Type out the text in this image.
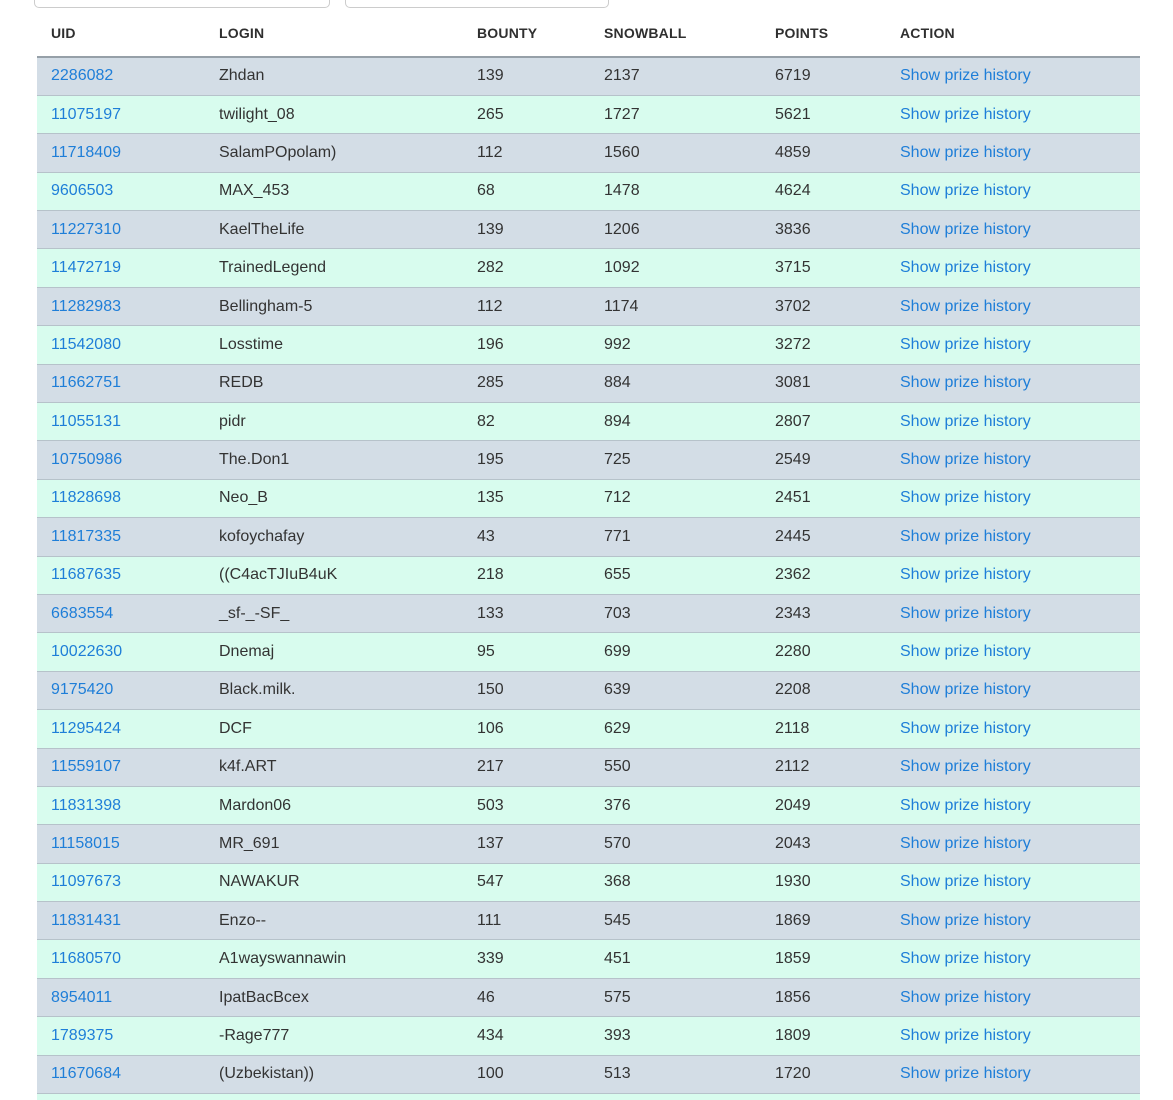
UID	LOGIN	BOUNTY	SNOWBALL	POINTS	ACTION
2286082	Zhdan	139	2137	6719	Show prize history
11075197	twilight_08	265	1727	5621	Show prize history
11718409	SalamPOpolam)	112	1560	4859	Show prize history
9606503	MAX_453	68	1478	4624	Show prize history
11227310	KaelTheLife	139	1206	3836	Show prize history
11472719	TrainedLegend	282	1092	3715	Show prize history
11282983	Bellingham-5	112	1174	3702	Show prize history
11542080	Losstime	196	992	3272	Show prize history
11662751	REDB	285	884	3081	Show prize history
11055131	pidr	82	894	2807	Show prize history
10750986	The.Don1	195	725	2549	Show prize history
11828698	Neo_B	135	712	2451	Show prize history
11817335	kofoychafay	43	771	2445	Show prize history
11687635	((C4acTJIuB4uK	218	655	2362	Show prize history
6683554	_sf-_-SF_	133	703	2343	Show prize history
10022630	Dnemaj	95	699	2280	Show prize history
9175420	Black.milk.	150	639	2208	Show prize history
11295424	DCF	106	629	2118	Show prize history
11559107	k4f.ART	217	550	2112	Show prize history
11831398	Mardon06	503	376	2049	Show prize history
11158015	MR_691	137	570	2043	Show prize history
11097673	NAWAKUR	547	368	1930	Show prize history
11831431	Enzo--	111	545	1869	Show prize history
11680570	A1wayswannawin	339	451	1859	Show prize history
8954011	IpatBacBcex	46	575	1856	Show prize history
1789375	-Rage777	434	393	1809	Show prize history
11670684	(Uzbekistan))	100	513	1720	Show prize history
